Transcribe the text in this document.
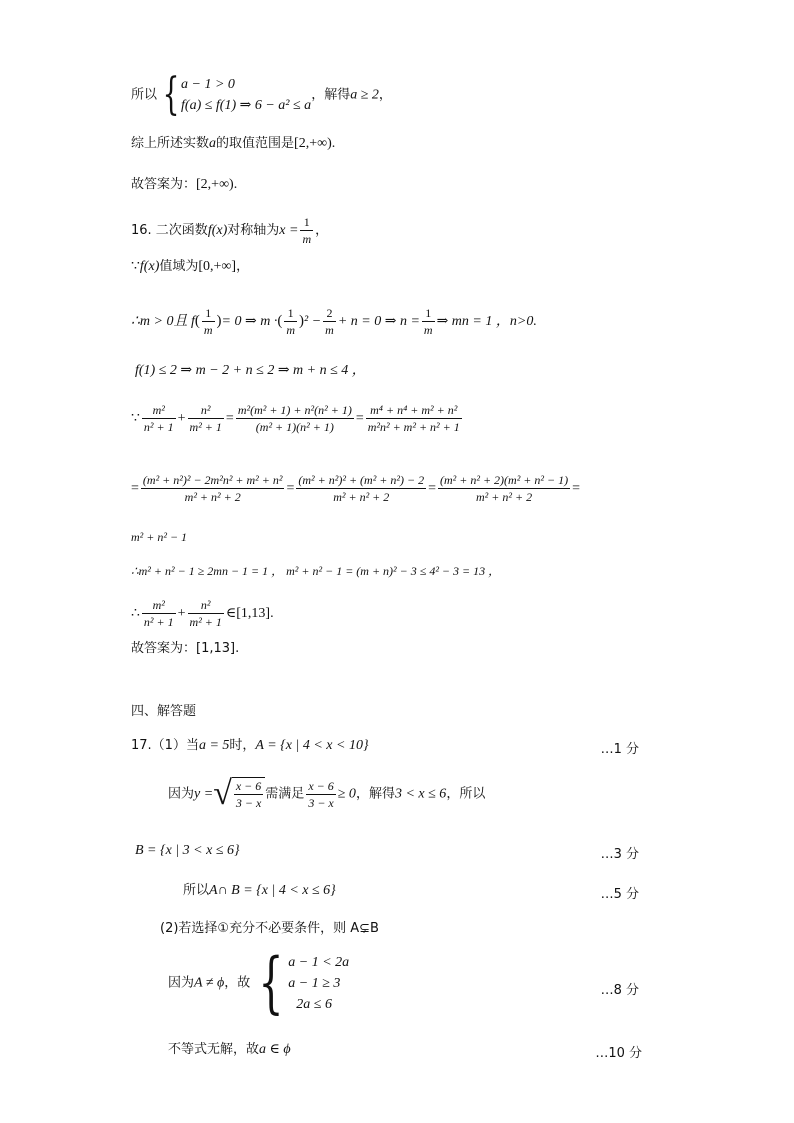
所以 { a − 1 > 0
f(a) ≤ f(1) ⇒ 6 − a² ≤ a
，解得a ≥ 2，
综上所述实数a的取值范围是[2,+∞).
故答案为：[2,+∞).
16. 二次函数f(x)对称轴为$x = \frac{1}{m}$ ，
∵f(x)值域为[0,+∞]，
∴m > 0且 $f( \frac{1}{m}$ )= 0 ⇒ m ·( $\frac{1}{m} )^2 - \frac{2}{m} + n = 0$ ⇒ $n = \frac{1}{m}$ ⇒ mn = 1 ，n>0.
f(1) ≤ 2 ⇒ m − 2 + n ≤ 2 ⇒ m + n ≤ 4 ，
∵ $\frac{\text{m²}}{\text{n² + 1}} + \frac{\text{n²}}{\text{m² + 1}} = \frac{\text{m²(m² + 1) + n²(n² + 1)}}{\text{(m² + 1)(n² + 1)}} = \frac{\text{m⁴ + n⁴ + m² + n²}}{\text{m²n² + m² + n² + 1}}$
= $\frac{\text{(m² + n²)² − 2m²n² + m² + n²}}{\text{m² + n² + 2}} = \frac{\text{(m² + n²)² + (m² + n²) − 2}}{\text{m² + n² + 2}} = \frac{\text{(m² + n² + 2)(m² + n² − 1)}}{\text{m² + n² + 2}}$ =
m² + n² − 1
∴m² + n² − 1 ≥ 2mn − 1 = 1 ， m² + n² − 1 = (m + n)² − 3 ≤ 4² − 3 = 13 ，
∴ $\frac{\text{m²}}{\text{n² + 1}} + \frac{\text{n²}}{\text{m² + 1}}$ ∈[1,13].
故答案为：[1,13].
四、解答题
17.（1）当a = 5时，A = {x | 4 < x < 10}	…1 分
因为y =√ $\frac{x - 6}{3 - x}$ 需满足 $\frac{x - 6}{3 - x} \ge 0$，解得3 < x ≤ 6，所以
B = {x | 3 < x ≤ 6}	…3 分
所以A∩ B = {x | 4 < x ≤ 6}	…5 分
(2)若选择①充分不必要条件，则 A⊊B
因为A ≠ ϕ，故 { a − 1 < 2a
a − 1 ≥ 3
2a ≤ 6
…8 分
不等式无解，故a ∈ ϕ	…10 分
